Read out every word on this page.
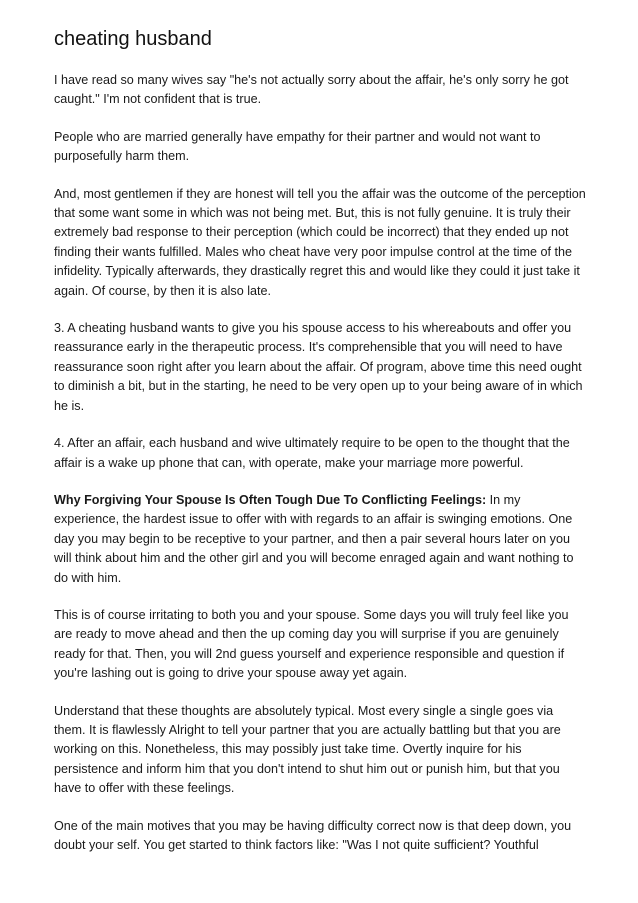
cheating husband

I have read so many wives say "he's not actually sorry about the affair, he's only sorry he got caught." I'm not confident that is true.

People who are married generally have empathy for their partner and would not want to purposefully harm them.

And, most gentlemen if they are honest will tell you the affair was the outcome of the perception that some want some in which was not being met. But, this is not fully genuine. It is truly their extremely bad response to their perception (which could be incorrect) that they ended up not finding their wants fulfilled. Males who cheat have very poor impulse control at the time of the infidelity. Typically afterwards, they drastically regret this and would like they could it just take it again. Of course, by then it is also late.

3. A cheating husband wants to give you his spouse access to his whereabouts and offer you reassurance early in the therapeutic process. It's comprehensible that you will need to have reassurance soon right after you learn about the affair. Of program, above time this need ought to diminish a bit, but in the starting, he need to be very open up to your being aware of in which he is.

4. After an affair, each husband and wive ultimately require to be open to the thought that the affair is a wake up phone that can, with operate, make your marriage more powerful.

Why Forgiving Your Spouse Is Often Tough Due To Conflicting Feelings: In my experience, the hardest issue to offer with with regards to an affair is swinging emotions. One day you may begin to be receptive to your partner, and then a pair several hours later on you will think about him and the other girl and you will become enraged again and want nothing to do with him.

This is of course irritating to both you and your spouse. Some days you will truly feel like you are ready to move ahead and then the up coming day you will surprise if you are genuinely ready for that. Then, you will 2nd guess yourself and experience responsible and question if you're lashing out is going to drive your spouse away yet again.

Understand that these thoughts are absolutely typical. Most every single a single goes via them. It is flawlessly Alright to tell your partner that you are actually battling but that you are working on this. Nonetheless, this may possibly just take time. Overtly inquire for his persistence and inform him that you don't intend to shut him out or punish him, but that you have to offer with these feelings.

One of the main motives that you may be having difficulty correct now is that deep down, you doubt your self. You get started to think factors like: "Was I not quite sufficient? Youthful
